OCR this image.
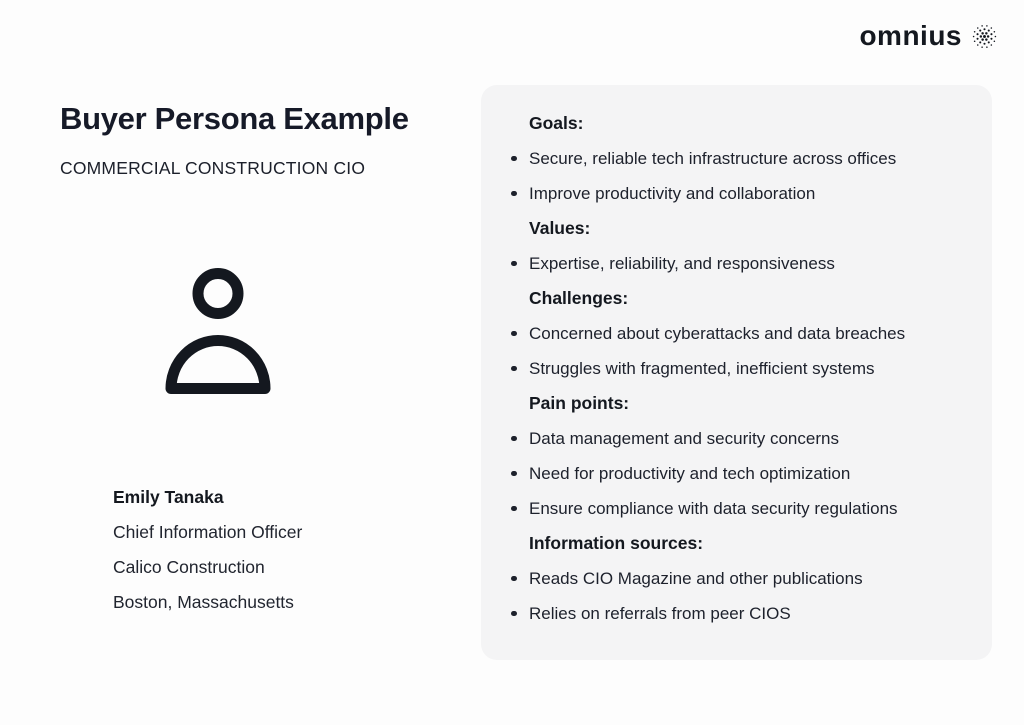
omnius
Buyer Persona Example
COMMERCIAL CONSTRUCTION CIO
Emily Tanaka
Chief Information Officer
Calico Construction
Boston, Massachusetts
Goals:
Secure, reliable tech infrastructure across offices
Improve productivity and collaboration
Values:
Expertise, reliability, and responsiveness
Challenges:
Concerned about cyberattacks and data breaches
Struggles with fragmented, inefficient systems
Pain points:
Data management and security concerns
Need for productivity and tech optimization
Ensure compliance with data security regulations
Information sources:
Reads CIO Magazine and other publications
Relies on referrals from peer CIOS
